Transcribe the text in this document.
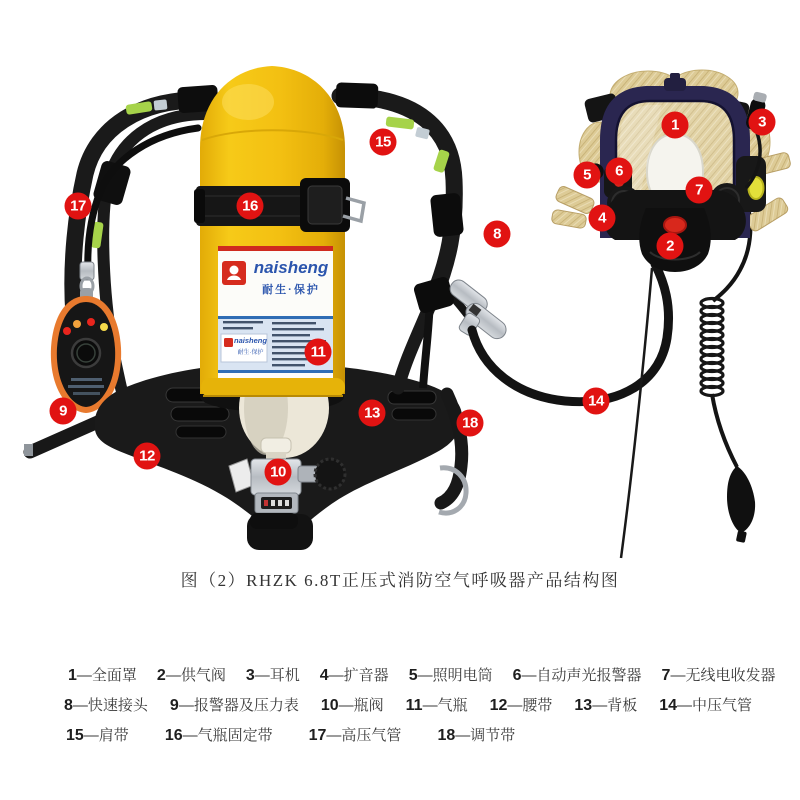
1
2
3
4
5	6
7
8
9
10
11
12
13
14
15
16
17
18
naisheng
耐生·保护
naisheng
耐生·保护
图（2）RHZK 6.8T正压式消防空气呼吸器产品结构图
1—全面罩 2—供气阀 3—耳机 4—扩音器 5—照明电筒 6—自动声光报警器 7—无线电收发器
8—快速接头 9—报警器及压力表 10—瓶阀 11—气瓶 12—腰带 13—背板 14—中压气管
15—肩带 16—气瓶固定带 17—高压气管 18—调节带
